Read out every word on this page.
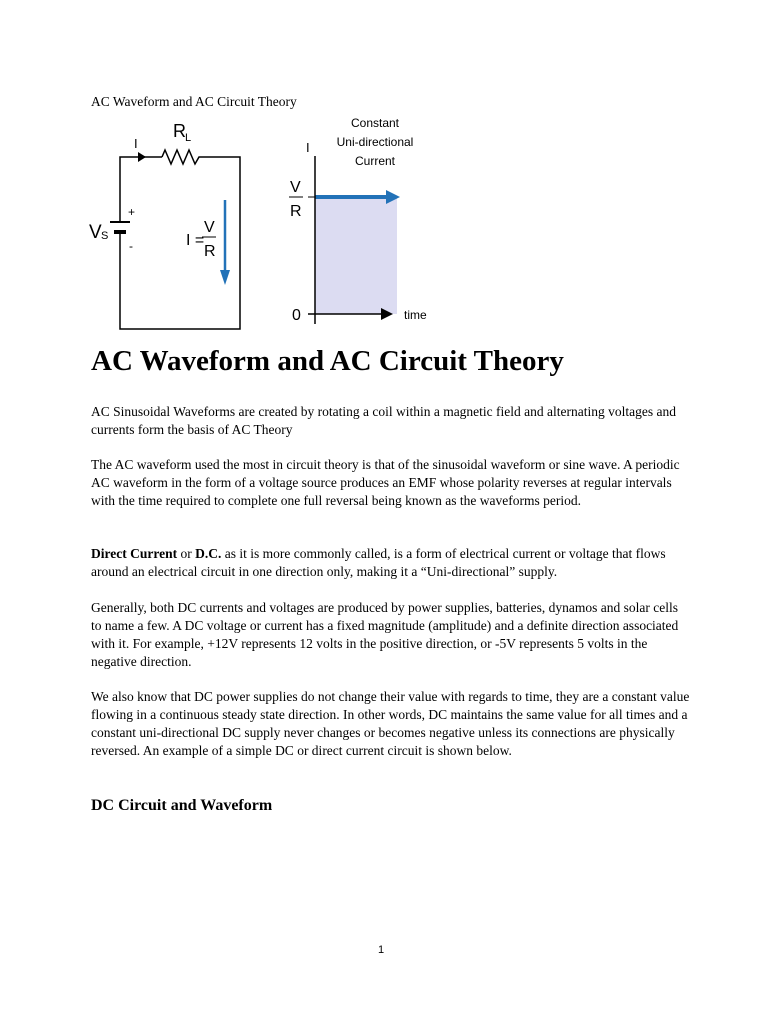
AC Waveform and AC Circuit Theory

R L
I
V S
+
-	I =
V
R
I
V
R
0	time
Constant
Uni-directional
Current
AC Waveform and AC Circuit Theory

AC Sinusoidal Waveforms are created by rotating a coil within a magnetic field and alternating voltages and currents form the basis of AC Theory

The AC waveform used the most in circuit theory is that of the sinusoidal waveform or sine wave. A periodic AC waveform in the form of a voltage source produces an EMF whose polarity reverses at regular intervals with the time required to complete one full reversal being known as the waveforms period.

Direct Current or D.C. as it is more commonly called, is a form of electrical current or voltage that flows around an electrical circuit in one direction only, making it a “Uni-directional” supply.

Generally, both DC currents and voltages are produced by power supplies, batteries, dynamos and solar cells to name a few. A DC voltage or current has a fixed magnitude (amplitude) and a definite direction associated with it. For example, +12V represents 12 volts in the positive direction, or -5V represents 5 volts in the negative direction.

We also know that DC power supplies do not change their value with regards to time, they are a constant value flowing in a continuous steady state direction. In other words, DC maintains the same value for all times and a constant uni-directional DC supply never changes or becomes negative unless its connections are physically reversed. An example of a simple DC or direct current circuit is shown below.

DC Circuit and Waveform

1
